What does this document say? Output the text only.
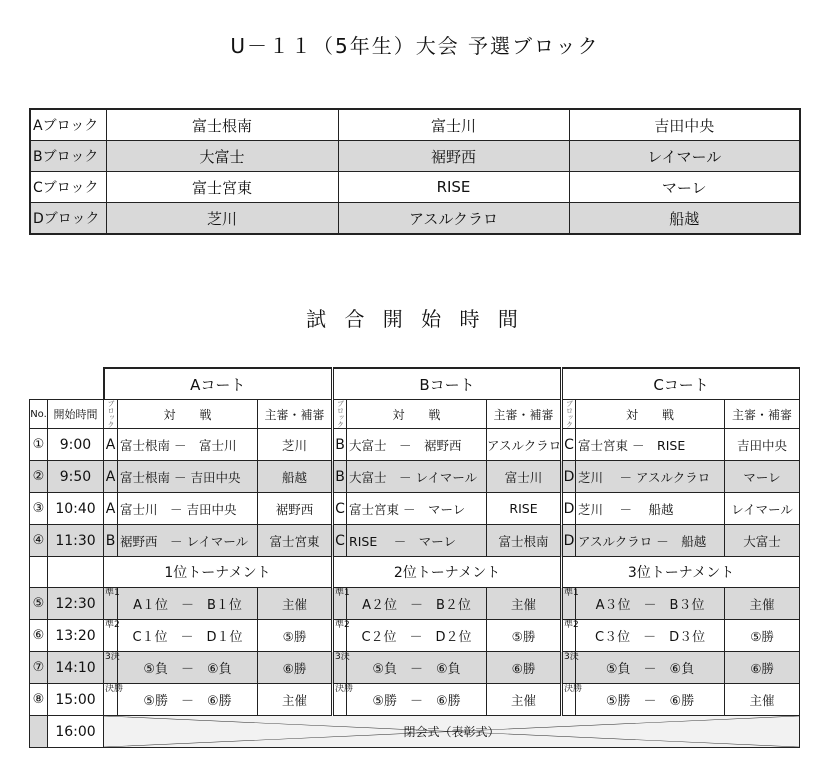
U－１１（5年生）大会 予選ブロック
Aブロック	富士根南	富士川	吉田中央
Bブロック	大富士	裾野西	レイマール
Cブロック	富士宮東	RISE	マーレ
Dブロック	芝川	アスルクラロ	船越
試 合 開 始 時 間
		Aコート			Bコート			Cコート		
No.	開始時間	ブロック	対　　戦	主審・補審	ブロック	対　　戦	主審・補審	ブロック	対　　戦	主審・補審
①	9:00	A	富士根南 －　富士川	芝川	B	大富士　－　裾野西	アスルクラロ	C	富士宮東 －　RISE	吉田中央
②	9:50	A	富士根南 － 吉田中央	船越	B	大富士　－ レイマール	富士川	D	芝川　 － アスルクラロ	マーレ
③	10:40	A	富士川　－ 吉田中央	裾野西	C	富士宮東 －　マーレ	RISE	D	芝川　 －　 船越	レイマール
④	11:30	B	裾野西　－ レイマール	富士宮東	C	RISE　 －　マーレ	富士根南	D	アスルクラロ －　船越	大富士
		1位トーナメント			2位トーナメント			3位トーナメント		
⑤	12:30	準1	A１位　－　B１位	主催	準1	A２位　－　B２位	主催	準1	A３位　－　B３位	主催
⑥	13:20	準2	C１位　－　D１位	⑤勝	準2	C２位　－　D２位	⑤勝	準2	C３位　－　D３位	⑤勝
⑦	14:10	3決	⑤負　－　⑥負	⑥勝	3決	⑤負　－　⑥負	⑥勝	3決	⑤負　－　⑥負	⑥勝
⑧	15:00	決勝	⑤勝　－　⑥勝	主催	決勝	⑤勝　－　⑥勝	主催	決勝	⑤勝　－　⑥勝	主催
	16:00	閉会式（表彰式）								
